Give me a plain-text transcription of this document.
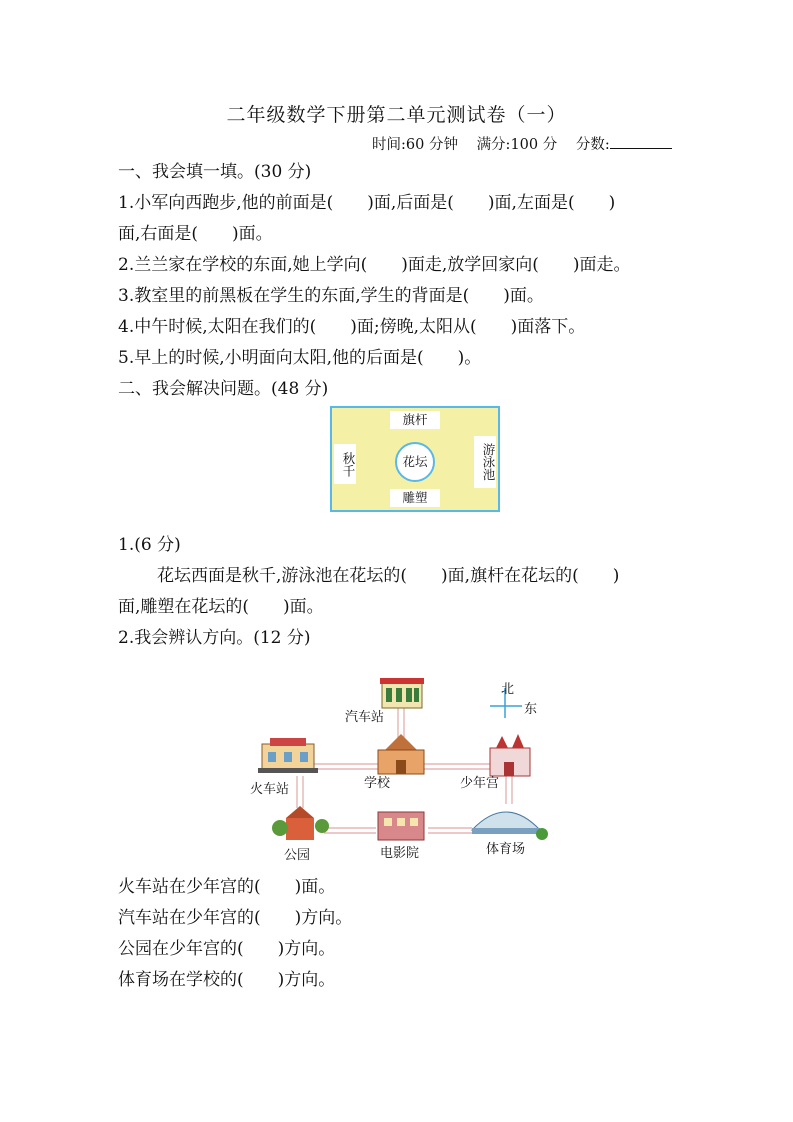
二年级数学下册第二单元测试卷（一）
时间:60 分钟 满分:100 分 分数:
一、我会填一填。(30 分)
1.小军向西跑步,他的前面是(　　)面,后面是(　　)面,左面是(　　)
面,右面是(　　)面。
2.兰兰家在学校的东面,她上学向(　　)面走,放学回家向(　　)面走。
3.教室里的前黑板在学生的东面,学生的背面是(　　)面。
4.中午时候,太阳在我们的(　　)面;傍晚,太阳从(　　)面落下。
5.早上的时候,小明面向太阳,他的后面是(　　)。
二、我会解决问题。(48 分)
旗杆
雕塑
秋千	游泳池
花坛
1.(6 分)
花坛西面是秋千,游泳池在花坛的(　　)面,旗杆在花坛的(　　)
面,雕塑在花坛的(　　)面。
2.我会辨认方向。(12 分)
北
东
汽车站
火车站	学校	少年宫
公园	电影院	体育场
火车站在少年宫的(　　)面。
汽车站在少年宫的(　　)方向。
公园在少年宫的(　　)方向。
体育场在学校的(　　)方向。
